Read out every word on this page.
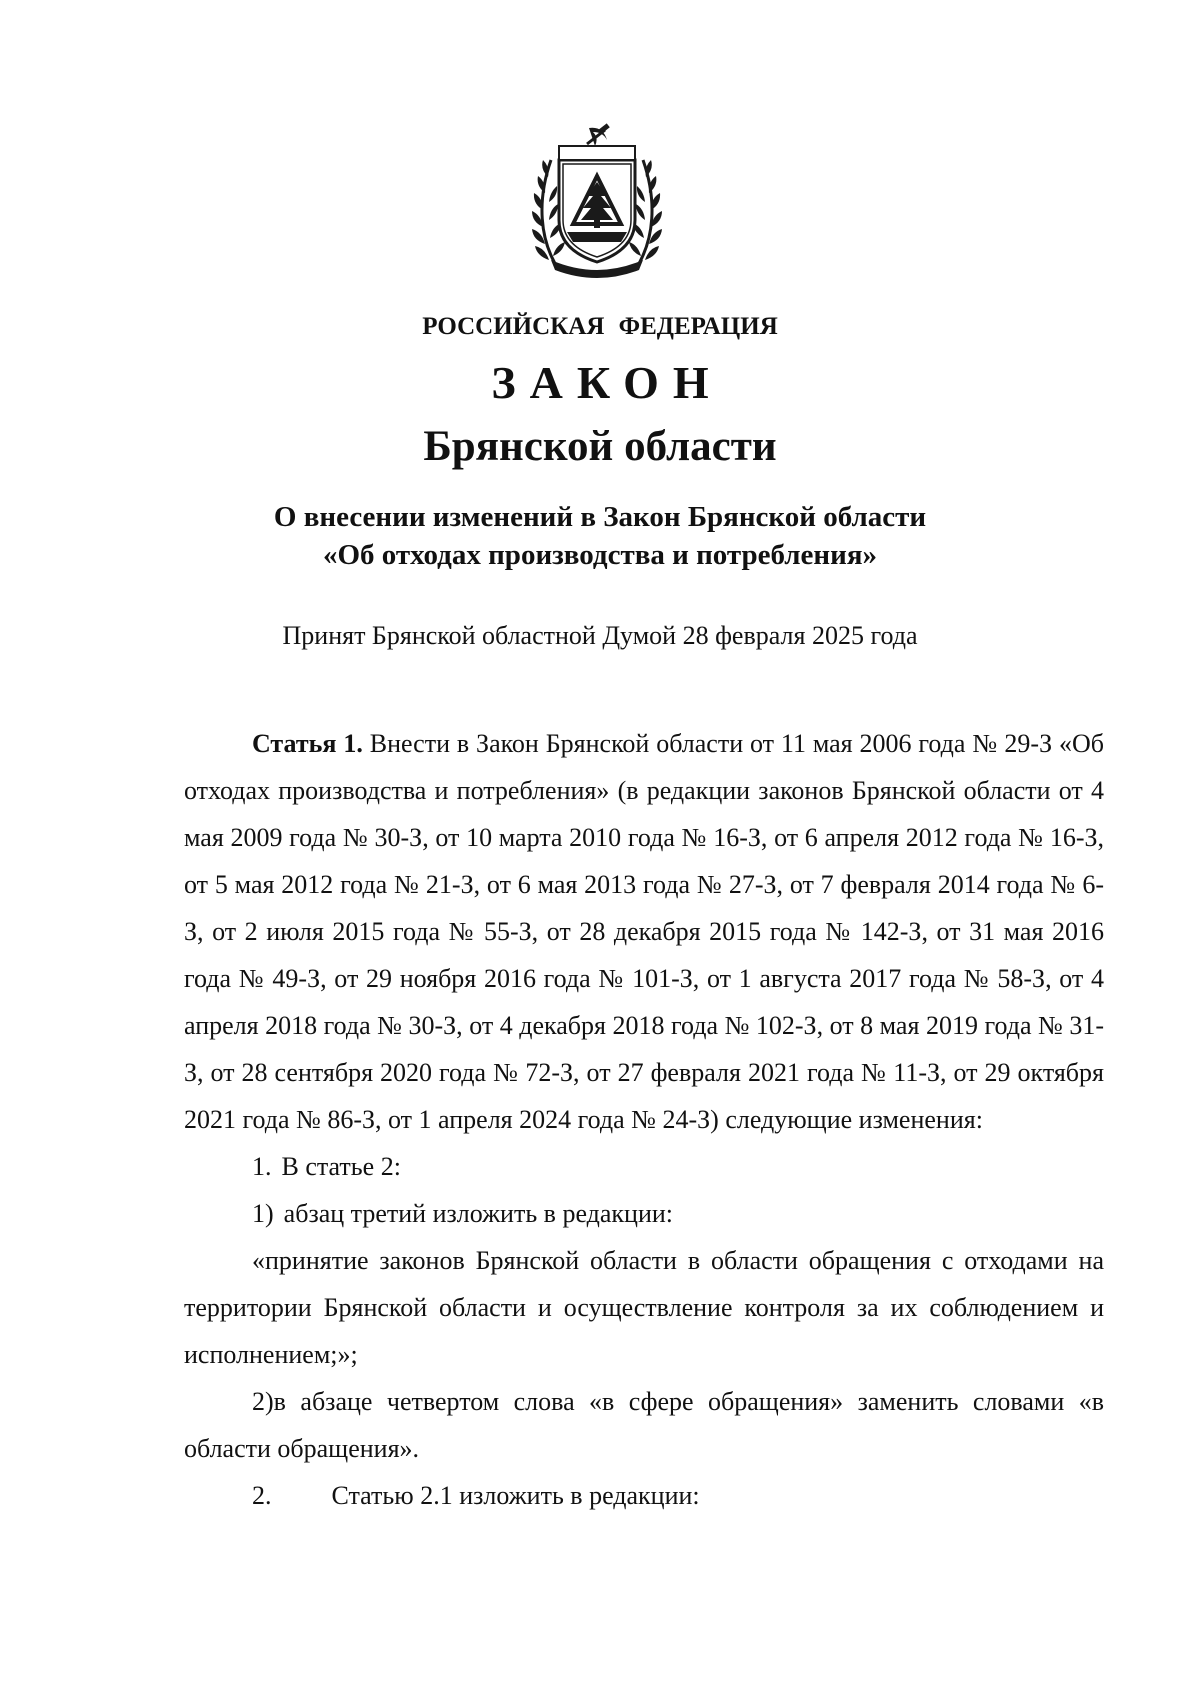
РОССИЙСКАЯ ФЕДЕРАЦИЯ
ЗАКОН
Брянской области
О внесении изменений в Закон Брянской области
«Об отходах производства и потребления»
Принят Брянской областной Думой 28 февраля 2025 года

Статья 1. Внести в Закон Брянской области от 11 мая 2006 года № 29-З «Об отходах производства и потребления» (в редакции законов Брянской области от 4 мая 2009 года № 30-З, от 10 марта 2010 года № 16-З, от 6 апреля 2012 года № 16-З, от 5 мая 2012 года № 21-З, от 6 мая 2013 года № 27-З, от 7 февраля 2014 года № 6-З, от 2 июля 2015 года № 55-З, от 28 декабря 2015 года № 142-З, от 31 мая 2016 года № 49-З, от 29 ноября 2016 года № 101-З, от 1 августа 2017 года № 58-З, от 4 апреля 2018 года № 30-З, от 4 декабря 2018 года № 102-З, от 8 мая 2019 года № 31-З, от 28 сентября 2020 года № 72-З, от 27 февраля 2021 года № 11-З, от 29 октября 2021 года № 86-З, от 1 апреля 2024 года № 24-З) следующие изменения:

1. В статье 2:

1) абзац третий изложить в редакции:

«принятие законов Брянской области в области обращения с отходами на территории Брянской области и осуществление контроля за их соблюдением и исполнением;»;

2)в абзаце четвертом слова «в сфере обращения» заменить словами «в области обращения».

2. Статью 2.1 изложить в редакции:
